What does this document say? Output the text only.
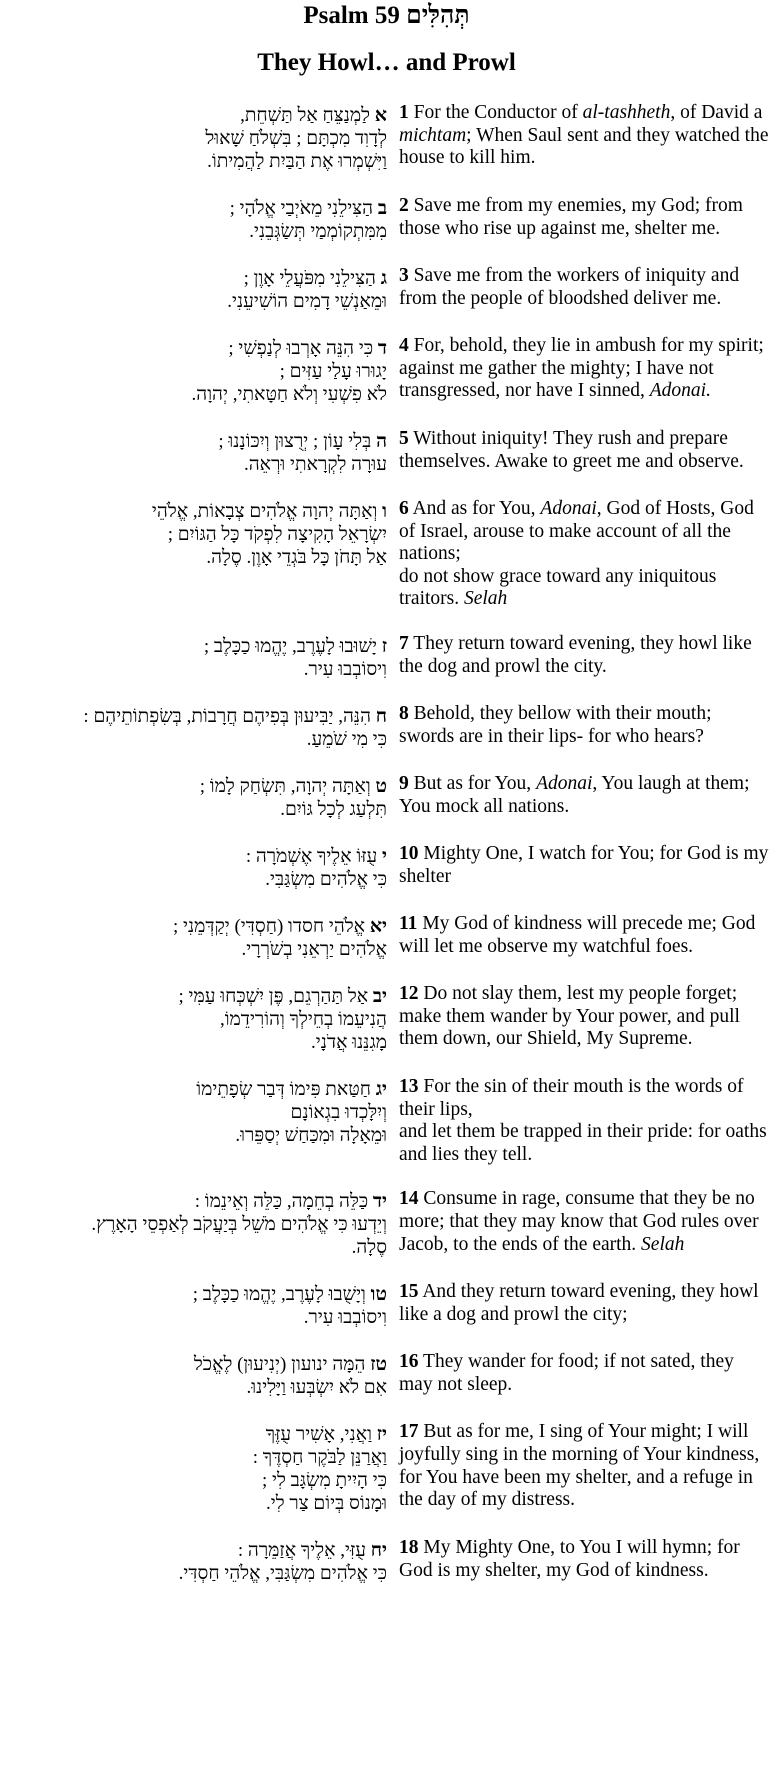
Psalm 59 תְּהִלִּים
They Howl… and Prowl
א לַמְנַצֵּחַ אַל תַּשְׁחֵת,
לְדָוִד מִכְתָּם ; בִּשְׁלֹחַ שָׁאוּל
וַיִּשְׁמְרוּ אֶת הַבַּיִת לַהֲמִיתוֹ.
1 For the Conductor of al-tashheth, of David a michtam; When Saul sent and they watched the house to kill him.
ב הַצִּילֵנִי מֵאֹיְבַי אֱלֹהָי ;
מִמִּתְקוֹמְמַי תְּשַׂגְּבֵנִי.
2 Save me from my enemies, my God; from those who rise up against me, shelter me.
ג הַצִּילֵנִי מִפֹּעֲלֵי אָוֶן ;
וּמֵאַנְשֵׁי דָמִים הוֹשִׁיעֵנִי.
3 Save me from the workers of iniquity and from the people of bloodshed deliver me.
ד כִּי הִנֵּה אָרְבוּ לְנַפְשִׁי ;
יָגוּרוּ עָלַי עַזִּים ;
לֹא פִשְׁעִי וְלֹא חַטָּאתִי, יְהוָה.
4 For, behold, they lie in ambush for my spirit; against me gather the mighty; I have not transgressed, nor have I sinned, Adonai.
ה בְּלִי עָוֹן ; יְרֻצוּן וְיִכּוֹנָנוּ ;
עוּרָה לִקְרָאתִי וּרְאֵה.
5 Without iniquity! They rush and prepare themselves. Awake to greet me and observe.
ו וְאַתָּה יְהוָה אֱלֹהִים צְבָאוֹת, אֱלֹהֵי
יִשְׂרָאֵל הָקִיצָה לִפְקֹד כָּל הַגּוֹיִם ;
אַל תָּחֹן כָּל בֹּגְדֵי אָוֶן. סֶלָה.
6 And as for You, Adonai, God of Hosts, God of Israel, arouse to make account of all the nations;
do not show grace toward any iniquitous traitors. Selah
ז יָשׁוּבוּ לָעֶרֶב, יֶהֱמוּ כַכָּלֶב ;
וִיסוֹבְבוּ עִיר.
7 They return toward evening, they howl like the dog and prowl the city.
ח הִנֵּה, יַבִּיעוּן בְּפִיהֶם חֲרָבוֹת, בְּשִׂפְתוֹתֵיהֶם :
כִּי מִי שֹׁמֵעַ.
8 Behold, they bellow with their mouth; swords are in their lips- for who hears?
ט וְאַתָּה יְהוָה, תִּשְׂחַק לָמוֹ ;
תִּלְעַג לְכָל גּוֹיִם.
9 But as for You, Adonai, You laugh at them; You mock all nations.
י עֻזּוֹ אֵלֶיךָ אֶשְׁמֹרָה :
כִּי אֱלֹהִים מִשְׂגַּבִּי.
10 Mighty One, I watch for You; for God is my shelter
יא אֱלֹהֵי חסדו (חַסְדִּי) יְקַדְּמֵנִי ;
אֱלֹהִים יַרְאֵנִי בְשֹׁרְרָי.
11 My God of kindness will precede me; God will let me observe my watchful foes.
יב אַל תַּהַרְגֵם, פֶּן יִשְׁכְּחוּ עַמִּי ;
הֲנִיעֵמוֹ בְחֵילְךָ וְהוֹרִידֵמוֹ,
מָגִנֵּנוּ אֲדֹנָי.
12 Do not slay them, lest my people forget; make them wander by Your power, and pull them down, our Shield, My Supreme.
יג חַטַּאת פִּימוֹ דְּבַר שְׂפָתֵימוֹ
וְיִלָּכְדוּ בִגְאוֹנָם
וּמֵאָלָה וּמִכַּחַשׁ יְסַפֵּרוּ.
13 For the sin of their mouth is the words of their lips,
and let them be trapped in their pride: for oaths and lies they tell.
יד כַּלֵּה בְחֵמָה, כַּלֵּה וְאֵינֵמוֹ :
וְיֵדְעוּ כִּי אֱלֹהִים מֹשֵׁל בְּיַעֲקֹב לְאַפְסֵי הָאָרֶץ.
סֶלָה.
14 Consume in rage, consume that they be no more; that they may know that God rules over Jacob, to the ends of the earth. Selah
טו וְיָשֻׁבוּ לָעֶרֶב, יֶהֱמוּ כַכָּלֶב ;
וִיסוֹבְבוּ עִיר.
15 And they return toward evening, they howl like a dog and prowl the city;
טז הֵמָּה ינועון (יְנִיעוּן) לֶאֱכֹל
אִם לֹא יִשְׂבְּעוּ וַיָּלִינוּ.
16 They wander for food; if not sated, they may not sleep.
יז וַאֲנִי, אָשִׁיר עֻזֶּךָ
וַאֲרַנֵּן לַבֹּקֶר חַסְדֶּךָ :
כִּי הָיִיתָ מִשְׂגָּב לִי ;
וּמָנוֹס בְּיוֹם צַר לִי.
17 But as for me, I sing of Your might; I will joyfully sing in the morning of Your kindness, for You have been my shelter, and a refuge in the day of my distress.
יח עֻזִּי, אֵלֶיךָ אֲזַמֵּרָה :
כִּי אֱלֹהִים מִשְׂגַּבִּי, אֱלֹהֵי חַסְדִּי.
18 My Mighty One, to You I will hymn; for God is my shelter, my God of kindness.
